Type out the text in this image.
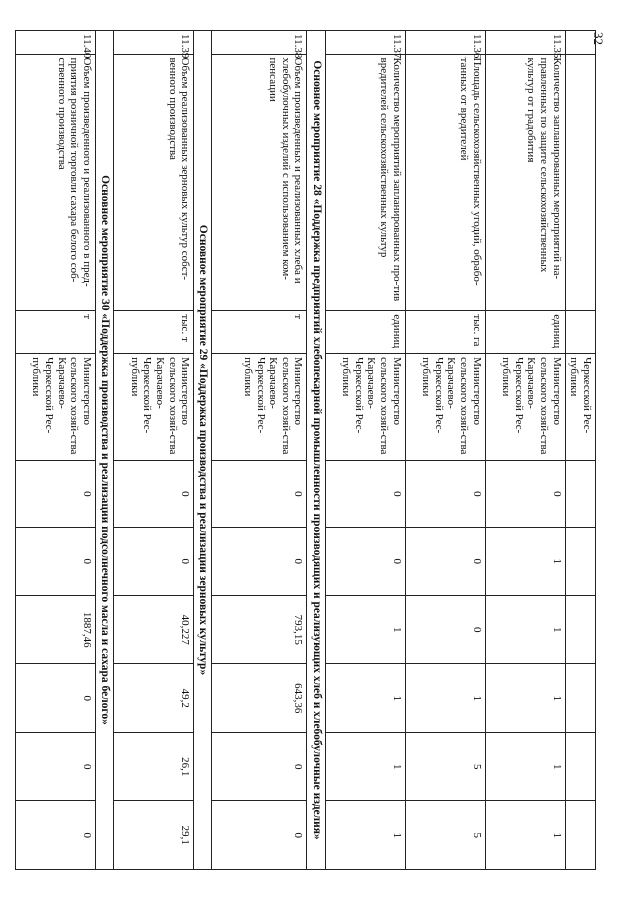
32
			Черкесской Рес-публики						
11.35	Количество запланированных мероприятий на-правленных по защите сельскохозяйственных культур от градобития	единиц	Министерство сельского хозяй-ства Карачаево-Черкесской Рес-публики	0	1	1	1	1	1
11.36	Площадь сельскохозяйственных угодий, обрабо-танных от вредителей	тыс. га	Министерство сельского хозяй-ства Карачаево-Черкесской Рес-публики	0	0	0	1	5	5
11.37	Количество мероприятий запланированных про-тив вредителей сельскохозяйственных культур	единиц	Министерство сельского хозяй-ства Карачаево-Черкесской Рес-публики	0	0	1	1	1	1
Основное мероприятие 28 «Поддержка предприятий хлебопекарной промышленности производящих и реализующих хлеб и хлебобулочные изделия»									
11.38	Объем произведенных и реализованных хлеба и хлебобулочных изделий с использованием ком-пенсации	т	Министерство сельского хозяй-ства Карачаево-Черкесской Рес-публики	0	0	793,15	643,36	0	0
Основное мероприятие 29 «Поддержка производства и реализации зерновых культур»									
11.39	Объем реализованных зерновых культур собст-венного производства	тыс. т	Министерство сельского хозяй-ства Карачаево-Черкесской Рес-публики	0	0	40,227	49,2	26,1	29,1
Основное мероприятие 30 «Поддержка производства и реализации подсолнечного масла и сахара белого»									
11.40	Объем произведенного и реализованного в пред-приятия розничной торговли сахара белого соб-ственного производства	т	Министерство сельского хозяй-ства Карачаево-Черкесской Рес-публики	0	0	1887,46	0	0	0
